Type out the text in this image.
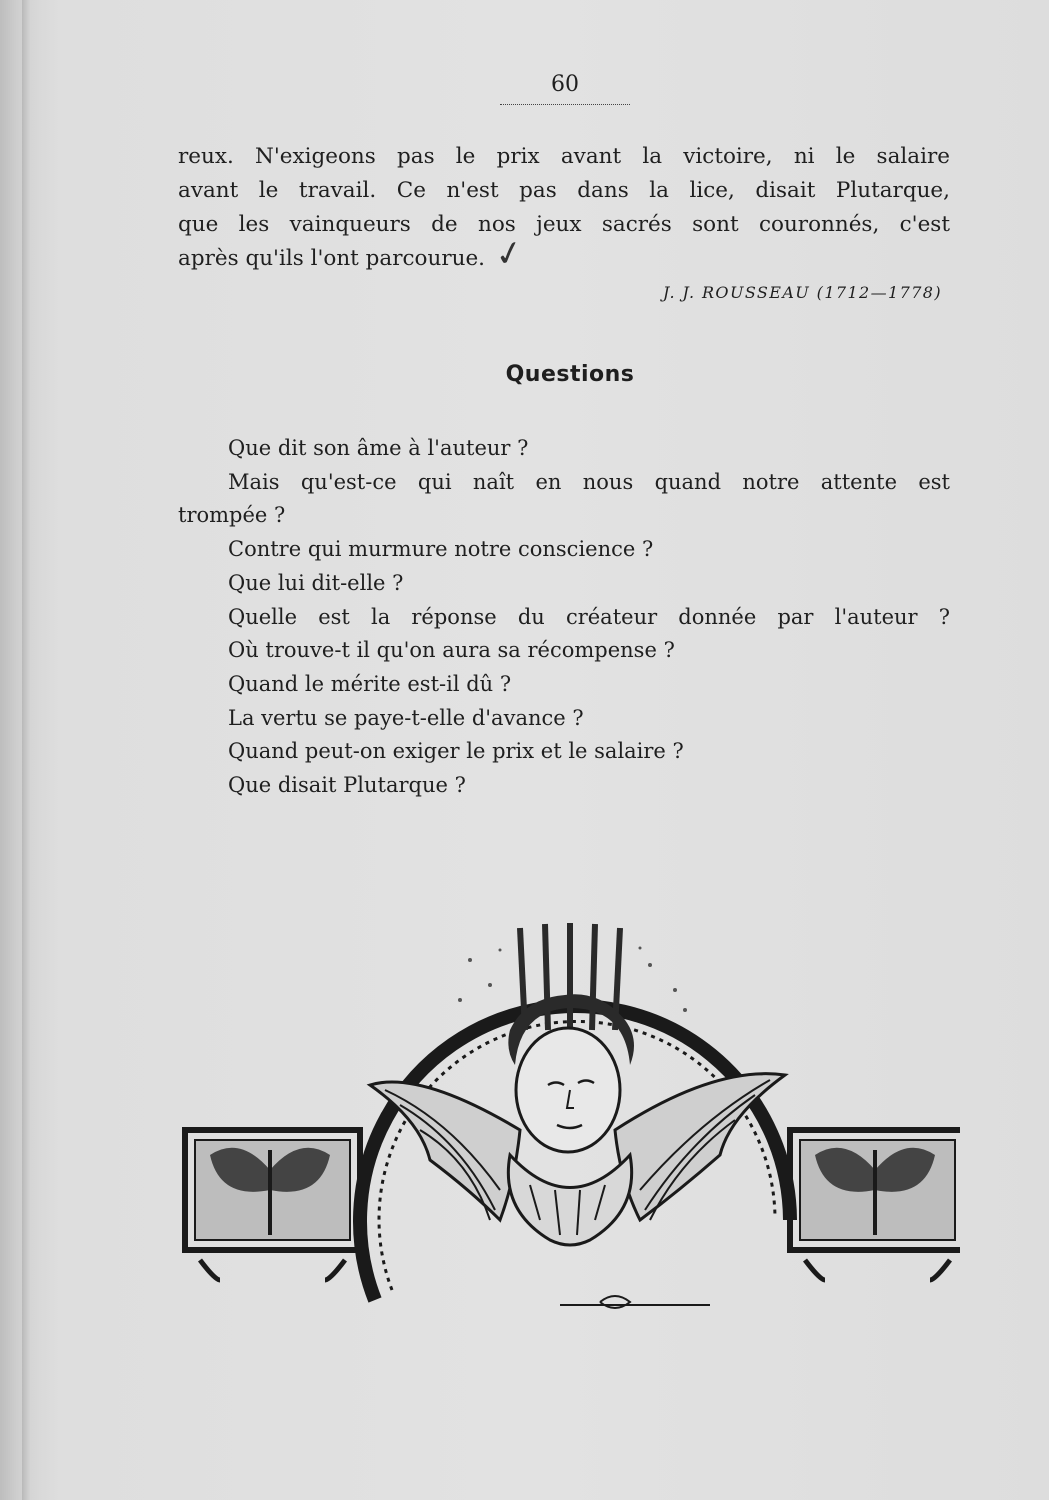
60
reux. N'exigeons pas le prix avant la victoire, ni le salaire
avant le travail. Ce n'est pas dans la lice, disait Plutarque,
que les vainqueurs de nos jeux sacrés sont couronnés, c'est
après qu'ils l'ont parcourue. ✓
J. J. ROUSSEAU (1712—1778)
Questions
Que dit son âme à l'auteur ?
Mais qu'est-ce qui naît en nous quand notre attente est
trompée ?
Contre qui murmure notre conscience ?
Que lui dit-elle ?
Quelle est la réponse du créateur donnée par l'auteur ?
Où trouve-t il qu'on aura sa récompense ?
Quand le mérite est-il dû ?
La vertu se paye-t-elle d'avance ?
Quand peut-on exiger le prix et le salaire ?
Que disait Plutarque ?
